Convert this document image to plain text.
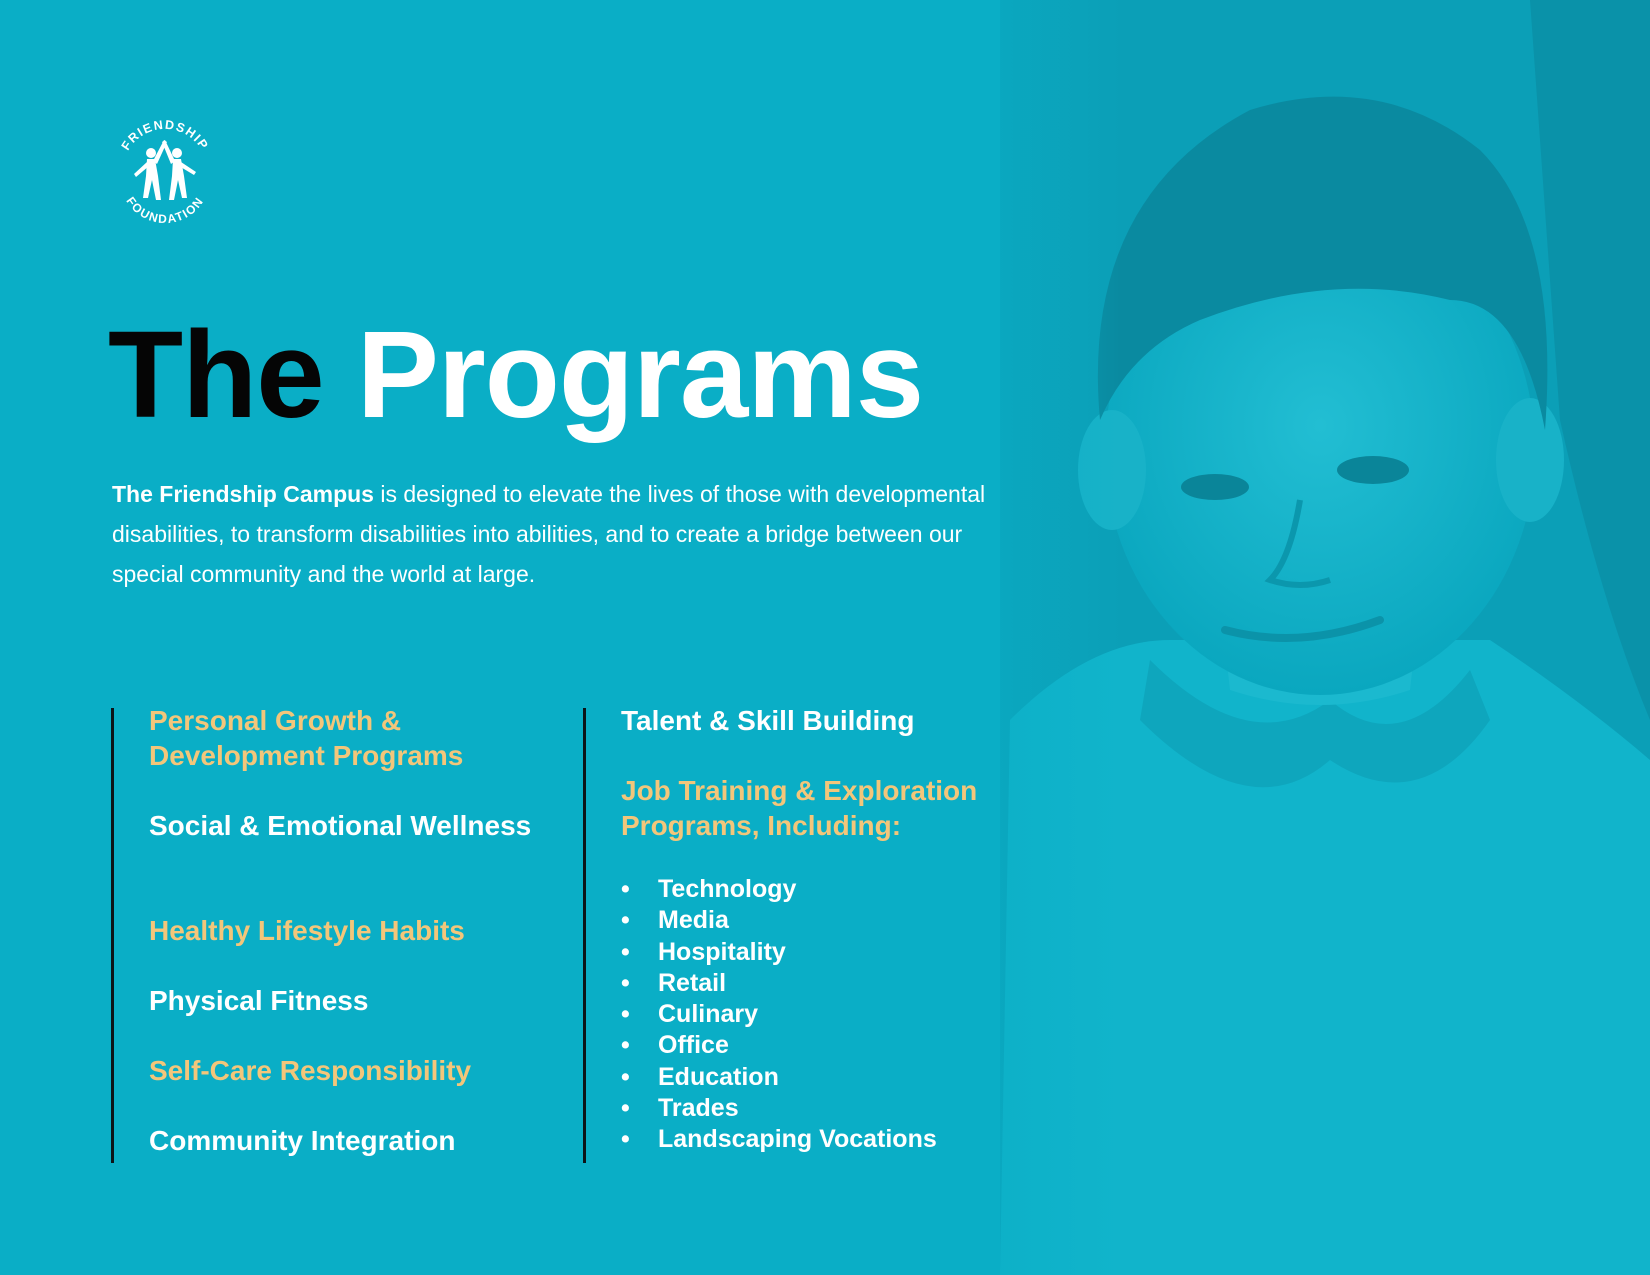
FRIENDSHIP
FOUNDATION
The Programs

The Friendship Campus is designed to elevate the lives of those with developmental disabilities, to transform disabilities into abilities, and to create a bridge between our special community and the world at large.

Personal Growth & Development Programs

Social & Emotional Wellness

Healthy Lifestyle Habits

Physical Fitness

Self-Care Responsibility

Community Integration

Talent & Skill Building

Job Training & Exploration Programs, Including:

• Technology
• Media
• Hospitality
• Retail
• Culinary
• Office
• Education
• Trades
• Landscaping Vocations
